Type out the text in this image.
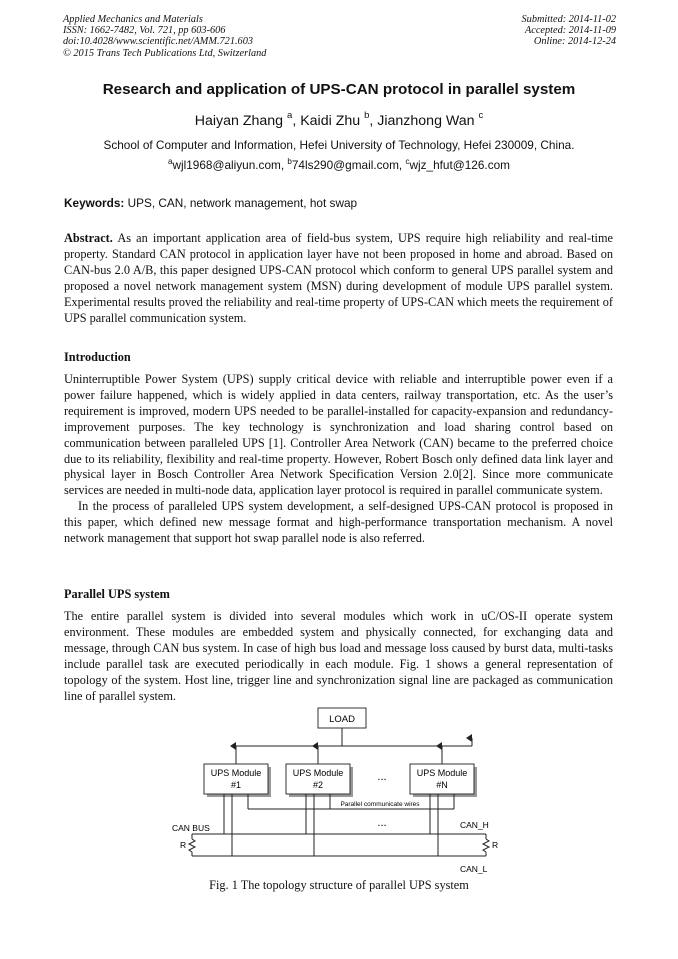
Applied Mechanics and Materials
ISSN: 1662-7482, Vol. 721, pp 603-606
doi:10.4028/www.scientific.net/AMM.721.603
© 2015 Trans Tech Publications Ltd, Switzerland
Submitted: 2014-11-02
Accepted: 2014-11-09
Online: 2014-12-24
Research and application of UPS-CAN protocol in parallel system
Haiyan Zhang $^a$, Kaidi Zhu $^b$, Jianzhong Wan $^c$
School of Computer and Information, Hefei University of Technology, Hefei 230009, China.
$^a$wjl1968@aliyun.com, $^b$74ls290@gmail.com, $^c$wjz_hfut@126.com
Keywords: UPS, CAN, network management, hot swap

Abstract. As an important application area of field-bus system, UPS require high reliability and real-time property. Standard CAN protocol in application layer have not been proposed in home and abroad. Based on CAN-bus 2.0 A/B, this paper designed UPS-CAN protocol which conform to general UPS parallel system and proposed a novel network management system (MSN) during development of module UPS parallel system. Experimental results proved the reliability and real-time property of UPS-CAN which meets the requirement of UPS parallel communication system.

Introduction

Uninterruptible Power System (UPS) supply critical device with reliable and interruptible power even if a power failure happened, which is widely applied in data centers, railway transportation, etc. As the user’s requirement is improved, modern UPS needed to be parallel-installed for capacity-expansion and redundancy-improvement purposes. The key technology is synchronization and load sharing control based on communication between paralleled UPS [1]. Controller Area Network (CAN) became to the preferred choice due to its reliability, flexibility and real-time property. However, Robert Bosch only defined data link layer and physical layer in Bosch Controller Area Network Specification Version 2.0[2]. Since more communicate services are needed in multi-node data, application layer protocol is required in parallel communicate system.

In the process of paralleled UPS system development, a self-designed UPS-CAN protocol is proposed in this paper, which defined new message format and high-performance transportation mechanism. A novel network management that support hot swap parallel node is also referred.

Parallel UPS system

The entire parallel system is divided into several modules which work in uC/OS-II operate system environment. These modules are embedded system and physically connected, for exchanging data and message, through CAN bus system. In case of high bus load and message loss caused by burst data, multi-tasks include parallel task are executed periodically in each module. Fig. 1 shows a general representation of topology of the system. Host line, trigger line and synchronization signal line are packaged as communication line of parallel system.

LOAD
UPS Module
#1
UPS Module
#2
UPS Module
#N
...
Parallel communicate wires
...
CAN BUS	CAN_H
CAN_L
R	R
Fig. 1 The topology structure of parallel UPS system
